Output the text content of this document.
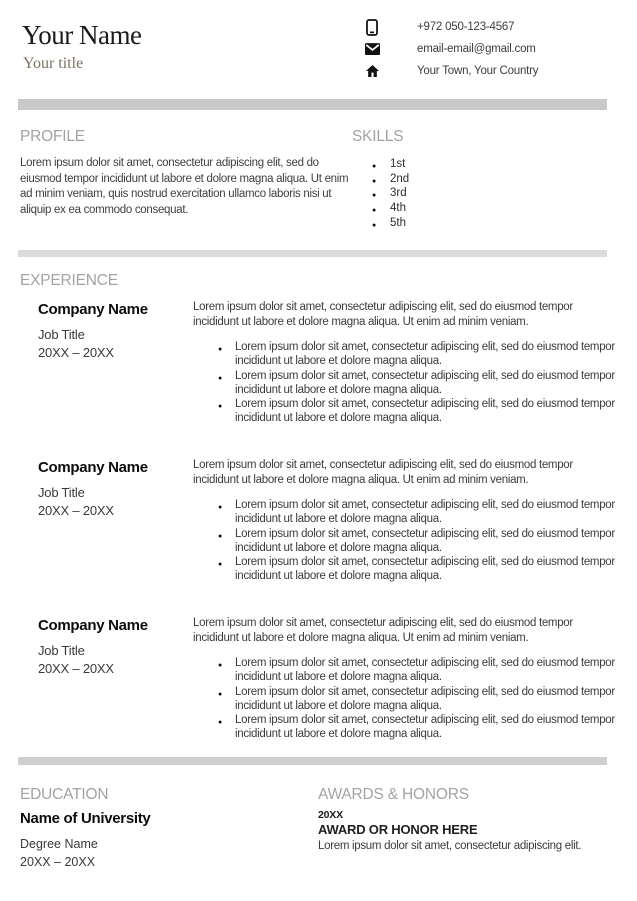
Your Name
Your title
+972 050-123-4567
email-email@gmail.com
Your Town, Your Country
PROFILE
Lorem ipsum dolor sit amet, consectetur adipiscing elit, sed do eiusmod tempor incididunt ut labore et dolore magna aliqua. Ut enim ad minim veniam, quis nostrud exercitation ullamco laboris nisi ut aliquip ex ea commodo consequat.
SKILLS
● 1st
● 2nd
● 3rd
● 4th
● 5th
EXPERIENCE
Company Name
Job Title
20XX – 20XX
Lorem ipsum dolor sit amet, consectetur adipiscing elit, sed do eiusmod tempor incididunt ut labore et dolore magna aliqua. Ut enim ad minim veniam.
● Lorem ipsum dolor sit amet, consectetur adipiscing elit, sed do eiusmod tempor incididunt ut labore et dolore magna aliqua.
● Lorem ipsum dolor sit amet, consectetur adipiscing elit, sed do eiusmod tempor incididunt ut labore et dolore magna aliqua.
● Lorem ipsum dolor sit amet, consectetur adipiscing elit, sed do eiusmod tempor incididunt ut labore et dolore magna aliqua.
Company Name
Job Title
20XX – 20XX
Lorem ipsum dolor sit amet, consectetur adipiscing elit, sed do eiusmod tempor incididunt ut labore et dolore magna aliqua. Ut enim ad minim veniam.
● Lorem ipsum dolor sit amet, consectetur adipiscing elit, sed do eiusmod tempor incididunt ut labore et dolore magna aliqua.
● Lorem ipsum dolor sit amet, consectetur adipiscing elit, sed do eiusmod tempor incididunt ut labore et dolore magna aliqua.
● Lorem ipsum dolor sit amet, consectetur adipiscing elit, sed do eiusmod tempor incididunt ut labore et dolore magna aliqua.
Company Name
Job Title
20XX – 20XX
Lorem ipsum dolor sit amet, consectetur adipiscing elit, sed do eiusmod tempor incididunt ut labore et dolore magna aliqua. Ut enim ad minim veniam.
● Lorem ipsum dolor sit amet, consectetur adipiscing elit, sed do eiusmod tempor incididunt ut labore et dolore magna aliqua.
● Lorem ipsum dolor sit amet, consectetur adipiscing elit, sed do eiusmod tempor incididunt ut labore et dolore magna aliqua.
● Lorem ipsum dolor sit amet, consectetur adipiscing elit, sed do eiusmod tempor incididunt ut labore et dolore magna aliqua.
EDUCATION
Name of University
Degree Name
20XX – 20XX
AWARDS & HONORS
20XX
AWARD OR HONOR HERE
Lorem ipsum dolor sit amet, consectetur adipiscing elit.
